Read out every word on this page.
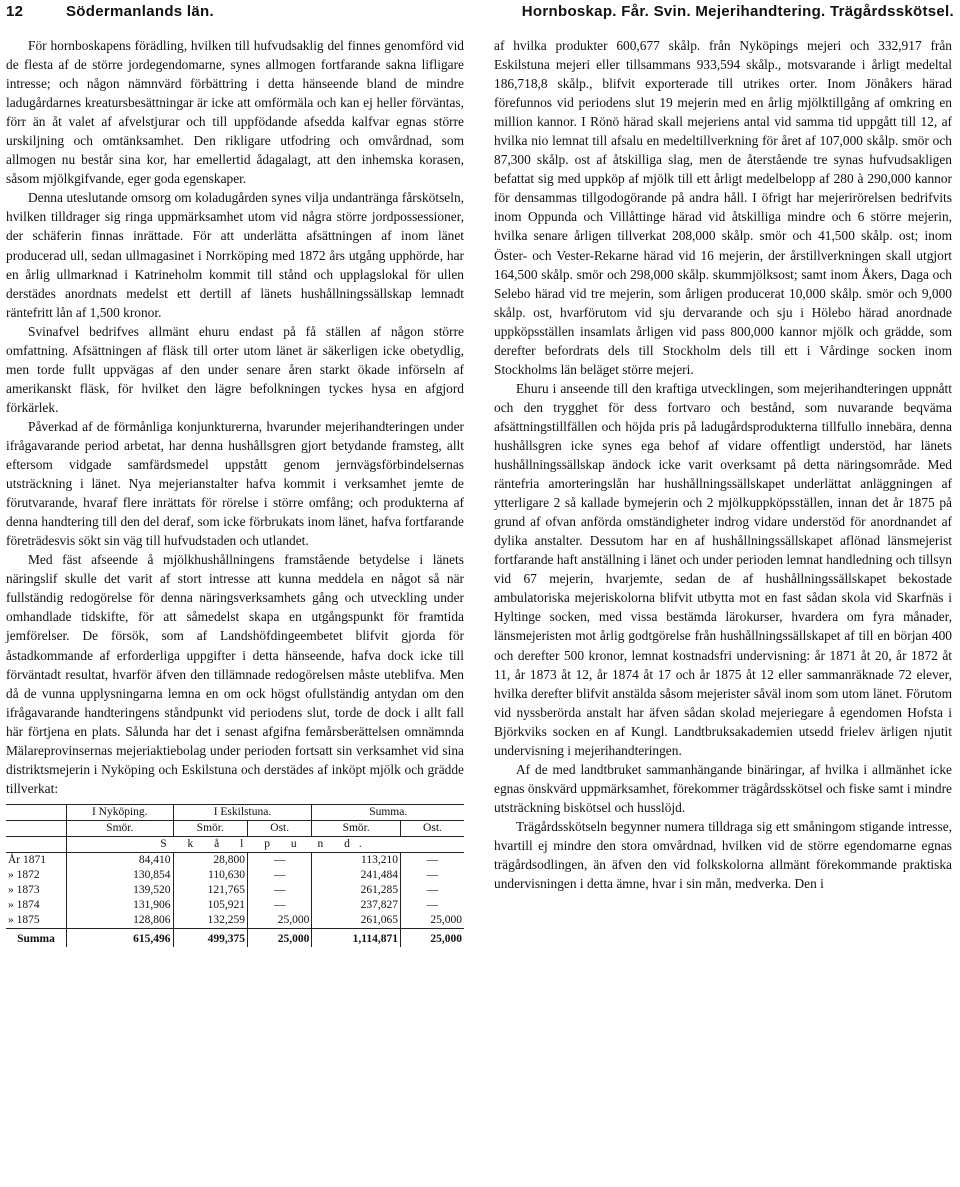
12	Södermanlands län.	Hornboskap. Får. Svin. Mejerihandtering. Trägårdsskötsel.

För hornboskapens förädling, hvilken till hufvudsaklig del finnes genomförd vid de flesta af de större jordegendomarne, synes allmogen fortfarande sakna lifligare intresse; och någon nämnvärd förbättring i detta hänseende bland de mindre ladugårdarnes kreatursbesättningar är icke att omförmäla och kan ej heller förväntas, förr än åt valet af afvelstjurar och till uppfödande afsedda kalfvar egnas större urskiljning och omtänksamhet. Den rikligare utfodring och omvårdnad, som allmogen nu består sina kor, har emellertid ådagalagt, att den inhemska korasen, såsom mjölkgifvande, eger goda egenskaper.

Denna uteslutande omsorg om koladugården synes vilja undantränga fårskötseln, hvilken tilldrager sig ringa uppmärksamhet utom vid några större jordpossessioner, der schäferin finnas inrättade. För att underlätta afsättningen af inom länet producerad ull, sedan ullmagasinet i Norrköping med 1872 års utgång upphörde, har en årlig ullmarknad i Katrineholm kommit till stånd och upplagslokal för ullen derstädes anordnats medelst ett dertill af länets hushållningssällskap lemnadt räntefritt lån af 1,500 kronor.

Svinafvel bedrifves allmänt ehuru endast på få ställen af någon större omfattning. Afsättningen af fläsk till orter utom länet är säkerligen icke obetydlig, men torde fullt uppvägas af den under senare åren starkt ökade införseln af amerikanskt fläsk, för hvilket den lägre befolkningen tyckes hysa en afgjord förkärlek.

Påverkad af de förmånliga konjunkturerna, hvarunder mejerihandteringen under ifrågavarande period arbetat, har denna hushållsgren gjort betydande framsteg, allt eftersom vidgade samfärdsmedel uppstått genom jernvägsförbindelsernas utsträckning i länet. Nya mejerianstalter hafva kommit i verksamhet jemte de förutvarande, hvaraf flere inrättats för rörelse i större omfång; och produkterna af denna handtering till den del deraf, som icke förbrukats inom länet, hafva fortfarande företrädesvis sökt sin väg till hufvudstaden och utlandet.

Med fäst afseende å mjölkhushållningens framstående betydelse i länets näringslif skulle det varit af stort intresse att kunna meddela en något så när fullständig redogörelse för denna näringsverksamhets gång och utveckling under omhandlade tidskifte, för att såmedelst skapa en utgångspunkt för framtida jemförelser. De försök, som af Landshöfdingeembetet blifvit gjorda för åstadkommande af erforderliga uppgifter i detta hänseende, hafva dock icke till förväntadt resultat, hvarför äfven den tillämnade redogörelsen måste uteblifva. Men då de vunna upplysningarna lemna en om ock högst ofullständig antydan om den ifrågavarande handteringens ståndpunkt vid periodens slut, torde de dock i allt fall här förtjena en plats. Sålunda har det i senast afgifna femårsberättelsen omnämnda Mälareprovinsernas mejeriaktiebolag under perioden fortsatt sin verksamhet vid sina distriktsmejerin i Nyköping och Eskilstuna och derstädes af inköpt mjölk och grädde tillverkat:

	I Nyköping.	I Eskilstuna.		Summa.	
	Smör.	Smör.	Ost.	Smör.	Ost.
	S k å l p u n d.				
År 1871	84,410	28,800	—	113,210	—
» 1872	130,854	110,630	—	241,484	—
» 1873	139,520	121,765	—	261,285	—
» 1874	131,906	105,921	—	237,827	—
» 1875	128,806	132,259	25,000	261,065	25,000
Summa	615,496	499,375	25,000	1,114,871	25,000

af hvilka produkter 600,677 skålp. från Nyköpings mejeri och 332,917 från Eskilstuna mejeri eller tillsammans 933,594 skålp., motsvarande i årligt medeltal 186,718,8 skålp., blifvit exporterade till utrikes orter. Inom Jönåkers härad förefunnos vid periodens slut 19 mejerin med en årlig mjölktillgång af omkring en million kannor. I Rönö härad skall mejeriens antal vid samma tid uppgått till 12, af hvilka nio lemnat till afsalu en medeltillverkning för året af 107,000 skålp. smör och 87,300 skålp. ost af åtskilliga slag, men de återstående tre synas hufvudsakligen befattat sig med uppköp af mjölk till ett årligt medelbelopp af 280 à 290,000 kannor för densammas tillgodogörande på andra håll. I öfrigt har mejerirörelsen bedrifvits inom Oppunda och Villåttinge härad vid åtskilliga mindre och 6 större mejerin, hvilka senare årligen tillverkat 208,000 skålp. smör och 41,500 skålp. ost; inom Öster- och Vester-Rekarne härad vid 16 mejerin, der årstillverkningen skall utgjort 164,500 skålp. smör och 298,000 skålp. skummjölksost; samt inom Åkers, Daga och Selebo härad vid tre mejerin, som årligen producerat 10,000 skålp. smör och 9,000 skålp. ost, hvarförutom vid sju dervarande och sju i Hölebo härad anordnade uppköpsställen insamlats årligen vid pass 800,000 kannor mjölk och grädde, som derefter befordrats dels till Stockholm dels till ett i Vårdinge socken inom Stockholms län beläget större mejeri.

Ehuru i anseende till den kraftiga utvecklingen, som mejerihandteringen uppnått och den trygghet för dess fortvaro och bestånd, som nuvarande beqväma afsättningstillfällen och höjda pris på ladugårdsprodukterna tillfullo innebära, denna hushållsgren icke synes ega behof af vidare offentligt understöd, har länets hushållningssällskap ändock icke varit overksamt på detta näringsområde. Med räntefria amorteringslån har hushållningssällskapet underlättat anläggningen af ytterligare 2 så kallade bymejerin och 2 mjölkuppköpsställen, innan det år 1875 på grund af ofvan anförda omständigheter indrog vidare understöd för anordnandet af dylika anstalter. Dessutom har en af hushållningssällskapet aflönad länsmejerist fortfarande haft anställning i länet och under perioden lemnat handledning och tillsyn vid 67 mejerin, hvarjemte, sedan de af hushållningssällskapet bekostade ambulatoriska mejeriskolorna blifvit utbytta mot en fast sådan skola vid Skarfnäs i Hyltinge socken, med vissa bestämda lärokurser, hvardera om fyra månader, länsmejeristen mot årlig godtgörelse från hushållningssällskapet af till en början 400 och derefter 500 kronor, lemnat kostnadsfri undervisning: år 1871 åt 20, år 1872 åt 11, år 1873 åt 12, år 1874 åt 17 och år 1875 åt 12 eller sammanräknade 72 elever, hvilka derefter blifvit anstälda såsom mejerister såväl inom som utom länet. Förutom vid nyssberörda anstalt har äfven sådan skolad mejeriegare å egendomen Hofsta i Björkviks socken en af Kungl. Landtbruksakademien utsedd frielev ärligen njutit undervisning i mejerihandteringen.

Af de med landtbruket sammanhängande binäringar, af hvilka i allmänhet icke egnas önskvärd uppmärksamhet, förekommer trägårdsskötsel och fiske samt i mindre utsträckning biskötsel och husslöjd.

Trägårdsskötseln begynner numera tilldraga sig ett småningom stigande intresse, hvartill ej mindre den stora omvårdnad, hvilken vid de större egendomarne egnas trägårdsodlingen, än äfven den vid folkskolorna allmänt förekommande praktiska undervisningen i detta ämne, hvar i sin mån, medverka. Den i
